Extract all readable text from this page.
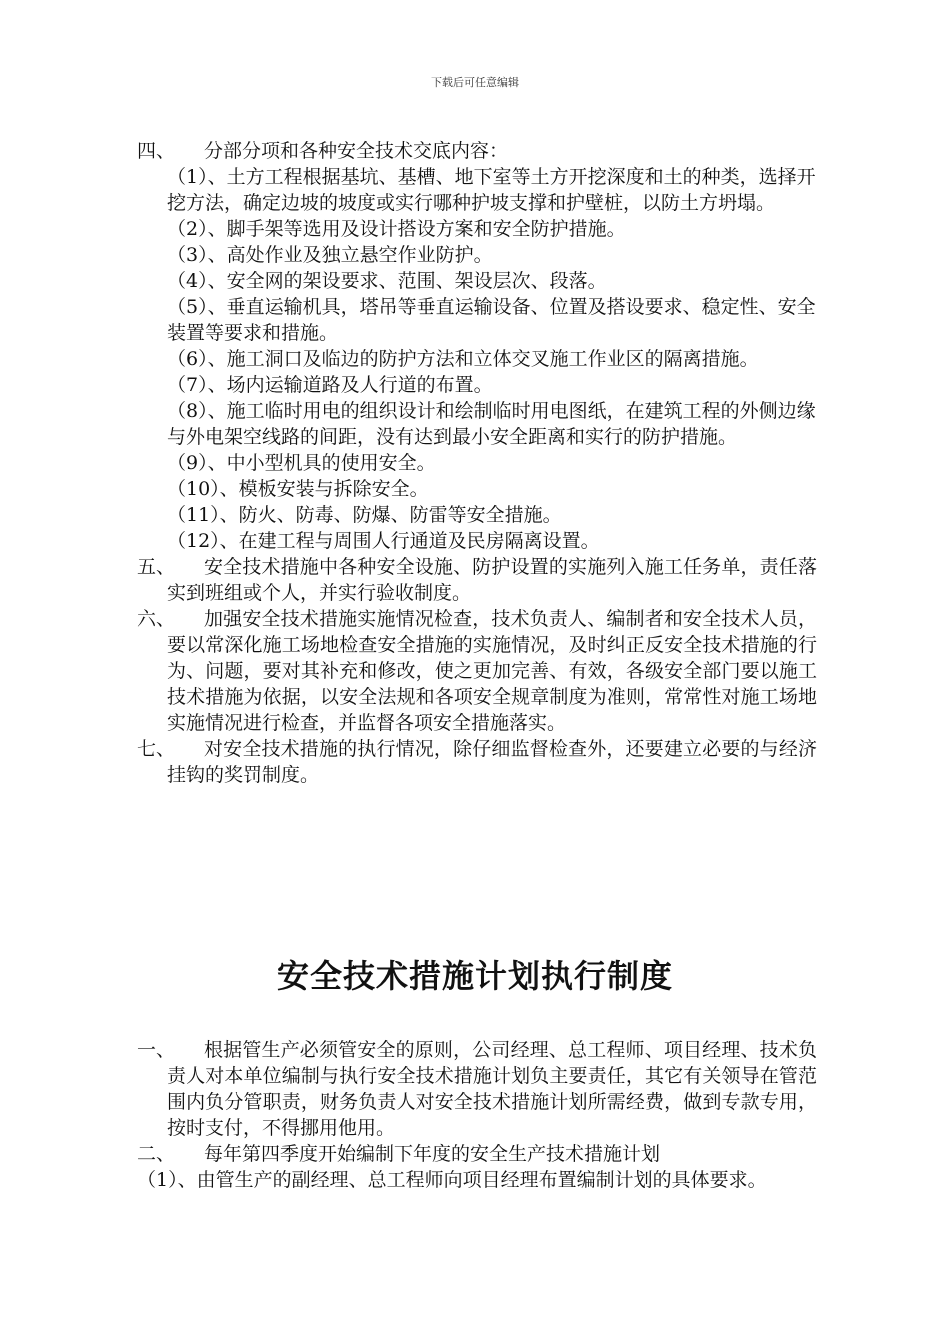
下载后可任意编辑
四、	分部分项和各种安全技术交底内容：

（1）、土方工程根据基坑、基槽、地下室等土方开挖深度和土的种类，选择开挖方法，确定边坡的坡度或实行哪种护坡支撑和护壁桩，以防土方坍塌。

（2）、脚手架等选用及设计搭设方案和安全防护措施。

（3）、高处作业及独立悬空作业防护。

（4）、安全网的架设要求、范围、架设层次、段落。

（5）、垂直运输机具，塔吊等垂直运输设备、位置及搭设要求、稳定性、安全装置等要求和措施。

（6）、施工洞口及临边的防护方法和立体交叉施工作业区的隔离措施。

（7）、场内运输道路及人行道的布置。

（8）、施工临时用电的组织设计和绘制临时用电图纸，在建筑工程的外侧边缘与外电架空线路的间距，没有达到最小安全距离和实行的防护措施。

（9）、中小型机具的使用安全。

（10）、模板安装与拆除安全。

（11）、防火、防毒、防爆、防雷等安全措施。

（12）、在建工程与周围人行通道及民房隔离设置。

五、	安全技术措施中各种安全设施、防护设置的实施列入施工任务单，责任落实到班组或个人，并实行验收制度。
六、	加强安全技术措施实施情况检查，技术负责人、编制者和安全技术人员，要以常深化施工场地检查安全措施的实施情况，及时纠正反安全技术措施的行为、问题，要对其补充和修改，使之更加完善、有效，各级安全部门要以施工技术措施为依据，以安全法规和各项安全规章制度为准则，常常性对施工场地实施情况进行检查，并监督各项安全措施落实。
七、	对安全技术措施的执行情况，除仔细监督检查外，还要建立必要的与经济挂钩的奖罚制度。
安全技术措施计划执行制度
一、	根据管生产必须管安全的原则，公司经理、总工程师、项目经理、技术负责人对本单位编制与执行安全技术措施计划负主要责任，其它有关领导在管范围内负分管职责，财务负责人对安全技术措施计划所需经费，做到专款专用，按时支付，不得挪用他用。
二、	每年第四季度开始编制下年度的安全生产技术措施计划

（1）、由管生产的副经理、总工程师向项目经理布置编制计划的具体要求。
